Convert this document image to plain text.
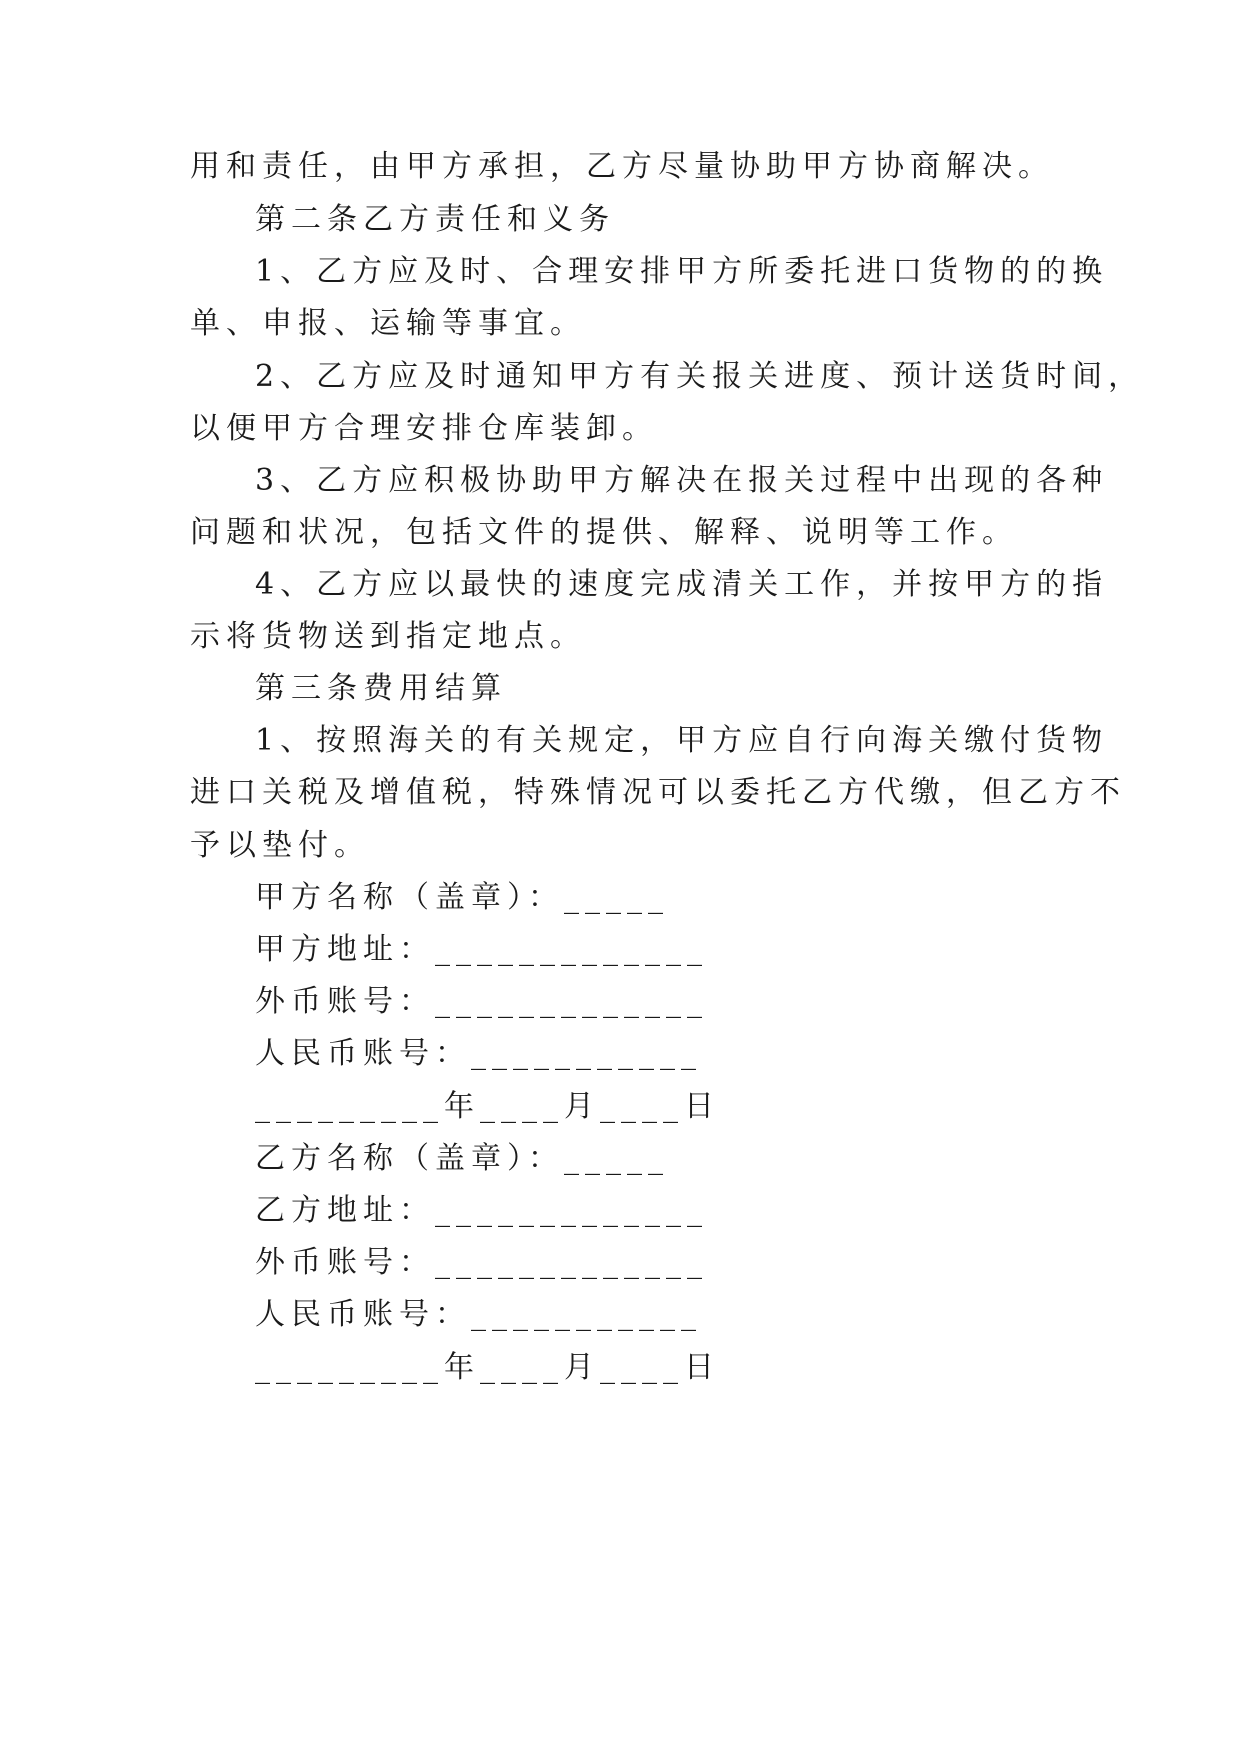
用和责任，由甲方承担，乙方尽量协助甲方协商解决。
第二条乙方责任和义务
1、乙方应及时、合理安排甲方所委托进口货物的的换
单、申报、运输等事宜。
2、乙方应及时通知甲方有关报关进度、预计送货时间，
以便甲方合理安排仓库装卸。
3、乙方应积极协助甲方解决在报关过程中出现的各种
问题和状况，包括文件的提供、解释、说明等工作。
4、乙方应以最快的速度完成清关工作，并按甲方的指
示将货物送到指定地点。
第三条费用结算
1、按照海关的有关规定，甲方应自行向海关缴付货物
进口关税及增值税，特殊情况可以委托乙方代缴，但乙方不
予以垫付。
甲方名称（盖章）：_____
甲方地址：_____________
外币账号：_____________
人民币账号：___________
_________年____月____日
乙方名称（盖章）：_____
乙方地址：_____________
外币账号：_____________
人民币账号：___________
_________年____月____日
